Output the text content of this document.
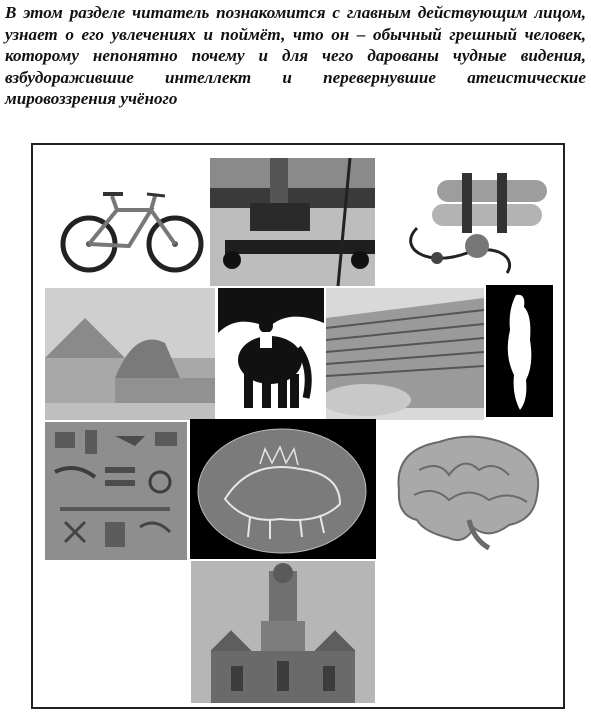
В этом разделе читатель познакомится с главным действующим лицом, узнает о его увлечениях и поймёт, что он – обычный грешный человек, которому непонятно почему и для чего дарованы чудные видения, взбудоражившие интеллект и перевернувшие атеистические мировоззрения учёного
